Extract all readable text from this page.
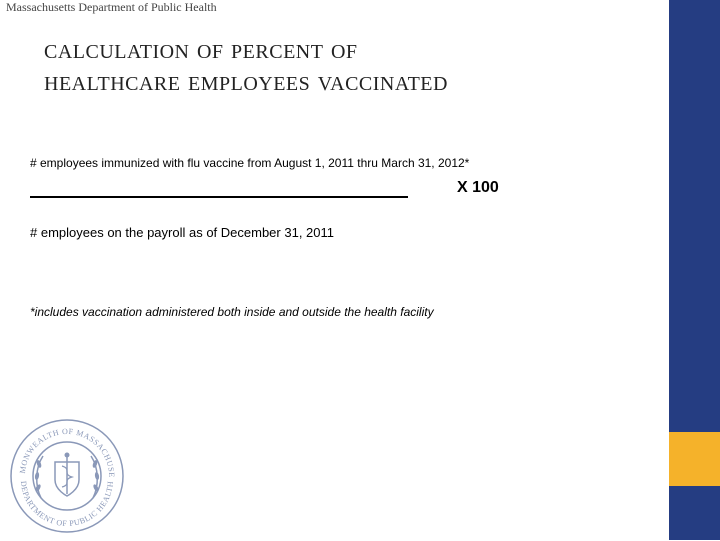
Massachusetts Department of Public Health
calculation of percent of
healthcare employees vaccinated
# employees immunized with flu vaccine from August 1, 2011 thru March 31, 2012*
X 100
# employees on the payroll as of December 31, 2011
*includes vaccination administered both inside and outside the health facility
MONWEALTH OF MASSACHUSE
DEPARTMENT OF PUBLIC HEALTH
